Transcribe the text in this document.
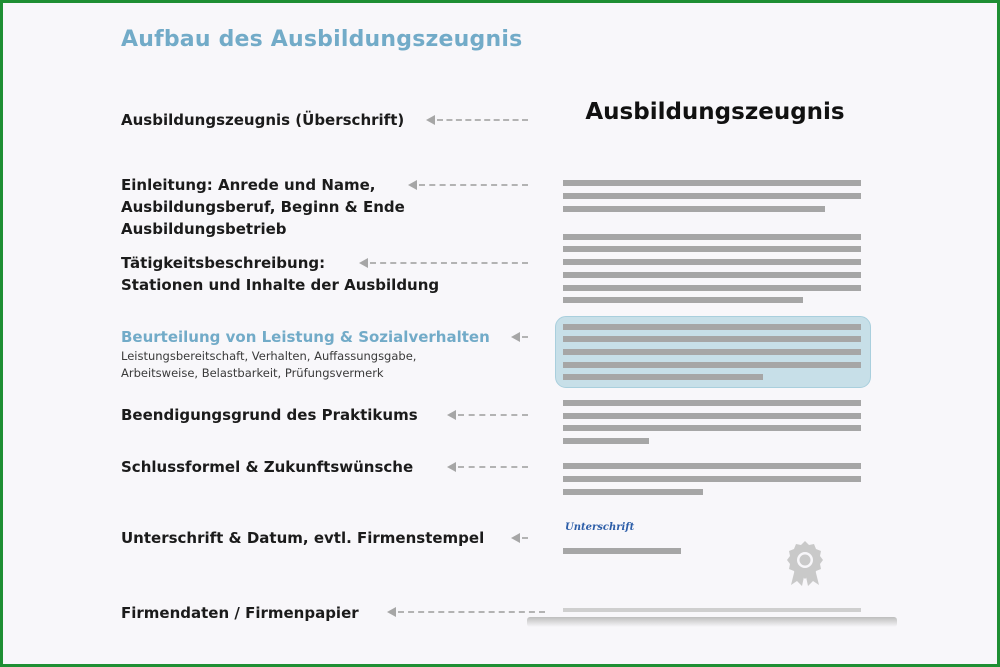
Aufbau des Ausbildungszeugnis
Ausbildungszeugnis (Überschrift)
Einleitung: Anrede und Name,
Ausbildungsberuf, Beginn & Ende
Ausbildungsbetrieb
Tätigkeitsbeschreibung:
Stationen und Inhalte der Ausbildung
Beurteilung von Leistung & Sozialverhalten
Leistungsbereitschaft, Verhalten, Auffassungsgabe,
Arbeitsweise, Belastbarkeit, Prüfungsvermerk
Beendigungsgrund des Praktikums
Schlussformel & Zukunftswünsche
Unterschrift & Datum, evtl. Firmenstempel
Firmendaten / Firmenpapier
Ausbildungszeugnis
Unterschrift
